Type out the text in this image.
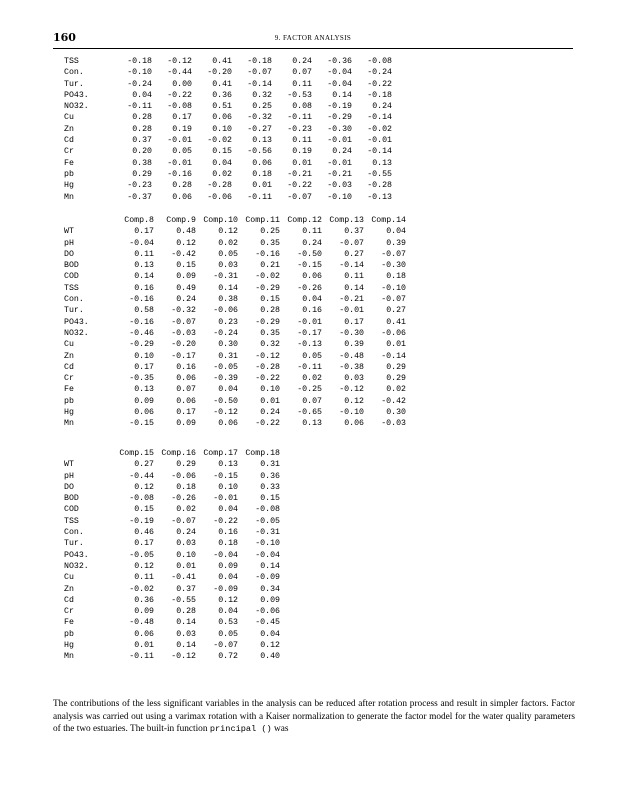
160	9. FACTOR ANALYSIS
TSS	-0.18	-0.12	0.41	-0.18	0.24	-0.36	-0.08
Con.	-0.10	-0.44	-0.20	-0.07	0.07	-0.04	-0.24
Tur.	-0.24	0.00	0.41	-0.14	0.11	-0.04	-0.22
PO43.	0.04	-0.22	0.36	0.32	-0.53	0.14	-0.18
NO32.	-0.11	-0.08	0.51	0.25	0.08	-0.19	0.24
Cu	0.28	0.17	0.06	-0.32	-0.11	-0.29	-0.14
Zn	0.28	0.19	0.10	-0.27	-0.23	-0.30	-0.02
Cd	0.37	-0.01	-0.02	0.13	0.11	-0.01	-0.01
Cr	0.20	0.05	0.15	-0.56	0.19	0.24	-0.14
Fe	0.38	-0.01	0.04	0.06	0.01	-0.01	0.13
pb	0.29	-0.16	0.02	0.18	-0.21	-0.21	-0.55
Hg	-0.23	0.28	-0.28	0.01	-0.22	-0.03	-0.28
Mn	-0.37	0.06	-0.06	-0.11	-0.07	-0.10	-0.13
Comp.8	Comp.9 Comp.10 Comp.11 Comp.12 Comp.13 Comp.14
WT	0.17	0.48	0.12	0.25	0.11	0.37	0.04
pH	-0.04	0.12	0.02	0.35	0.24	-0.07	0.39
DO	0.11	-0.42	0.05	-0.16	-0.50	0.27	-0.07
BOD	0.13	0.15	0.03	0.21	-0.15	-0.14	-0.30
COD	0.14	0.09	-0.31	-0.02	0.06	0.11	0.18
TSS	0.16	0.49	0.14	-0.29	-0.26	0.14	-0.10
Con.	-0.16	0.24	0.38	0.15	0.04	-0.21	-0.07
Tur.	0.58	-0.32	-0.06	0.28	0.16	-0.01	0.27
PO43.	-0.16	-0.07	0.23	-0.29	-0.01	0.17	0.41
NO32.	-0.46	-0.03	-0.24	0.35	-0.17	-0.30	-0.06
Cu	-0.29	-0.20	0.30	0.32	-0.13	0.39	0.01
Zn	0.10	-0.17	0.31	-0.12	0.05	-0.48	-0.14
Cd	0.17	0.16	-0.05	-0.28	-0.11	-0.38	0.29
Cr	-0.35	0.06	-0.39	-0.22	0.02	0.03	0.29
Fe	0.13	0.07	0.04	0.10	-0.25	-0.12	0.02
pb	0.09	0.06	-0.50	0.01	0.07	0.12	-0.42
Hg	0.06	0.17	-0.12	0.24	-0.65	-0.10	0.30
Mn	-0.15	0.09	0.06	-0.22	0.13	0.06	-0.03
Comp.15 Comp.16 Comp.17 Comp.18
WT	0.27	0.29	0.13	0.31
pH	-0.44	-0.06	-0.15	0.36
DO	0.12	0.18	0.10	0.33
BOD	-0.08	-0.26	-0.01	0.15
COD	0.15	0.02	0.04	-0.08
TSS	-0.19	-0.07	-0.22	-0.05
Con.	0.46	0.24	0.16	-0.31
Tur.	0.17	0.03	0.18	-0.10
PO43.	-0.05	0.10	-0.04	-0.04
NO32.	0.12	0.01	0.09	0.14
Cu	0.11	-0.41	0.04	-0.09
Zn	-0.02	0.37	-0.09	0.34
Cd	0.36	-0.55	0.12	0.09
Cr	0.09	0.28	0.04	-0.06
Fe	-0.48	0.14	0.53	-0.45
pb	0.06	0.03	0.05	0.04
Hg	0.01	0.14	-0.07	0.12
Mn	-0.11	-0.12	0.72	0.40

The contributions of the less significant variables in the analysis can be reduced after rotation process and result in simpler factors. Factor analysis was carried out using a varimax rotation with a Kaiser normalization to generate the factor model for the water quality parameters of the two estuaries. The built-in function principal () was
